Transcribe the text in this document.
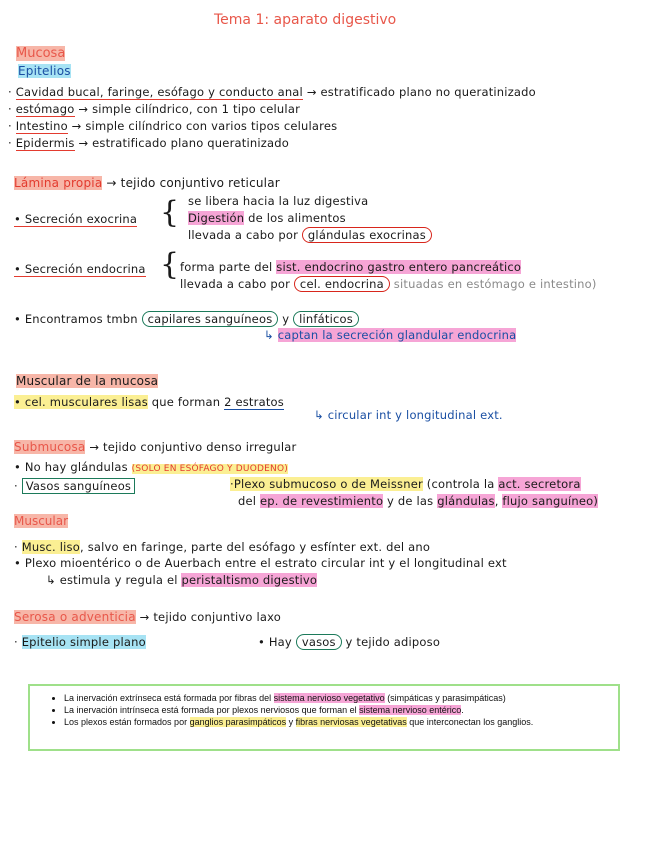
Tema 1: aparato digestivo
Mucosa
Epitelios
· Cavidad bucal, faringe, esófago y conducto anal → estratificado plano no queratinizado
· estómago → simple cilíndrico, con 1 tipo celular
· Intestino → simple cilíndrico con varios tipos celulares
· Epidermis → estratificado plano queratinizado
Lámina propia → tejido conjuntivo reticular
• Secreción exocrina { se libera hacia la luz digestiva
Digestión de los alimentos
llevada a cabo por glándulas exocrinas
• Secreción endocrina { forma parte del sist. endocrino gastro entero pancreático
llevada a cabo por cel. endocrina situadas en estómago e intestino)
• Encontramos tmbn capilares sanguíneos y linfáticos
↳ captan la secreción glandular endocrina
Muscular de la mucosa
• cel. musculares lisas que forman 2 estratos
↳ circular int y longitudinal ext.
Submucosa → tejido conjuntivo denso irregular
• No hay glándulas (SOLO EN ESÓFAGO Y DUODENO)
· Vasos sanguíneos	·Plexo submucoso o de Meissner (controla la act. secretora
del ep. de revestimiento y de las glándulas, flujo sanguíneo)
Muscular
· Musc. liso, salvo en faringe, parte del esófago y esfínter ext. del ano
• Plexo mioentérico o de Auerbach entre el estrato circular int y el longitudinal ext
↳ estimula y regula el peristaltismo digestivo
Serosa o adventicia → tejido conjuntivo laxo
· Epitelio simple plano	• Hay vasos y tejido adiposo
• La inervación extrínseca está formada por fibras del sistema nervioso vegetativo (simpáticas y parasimpáticas)
• La inervación intrínseca está formada por plexos nerviosos que forman el sistema nervioso entérico.
• Los plexos están formados por ganglios parasimpáticos y fibras nerviosas vegetativas que interconectan los ganglios.
